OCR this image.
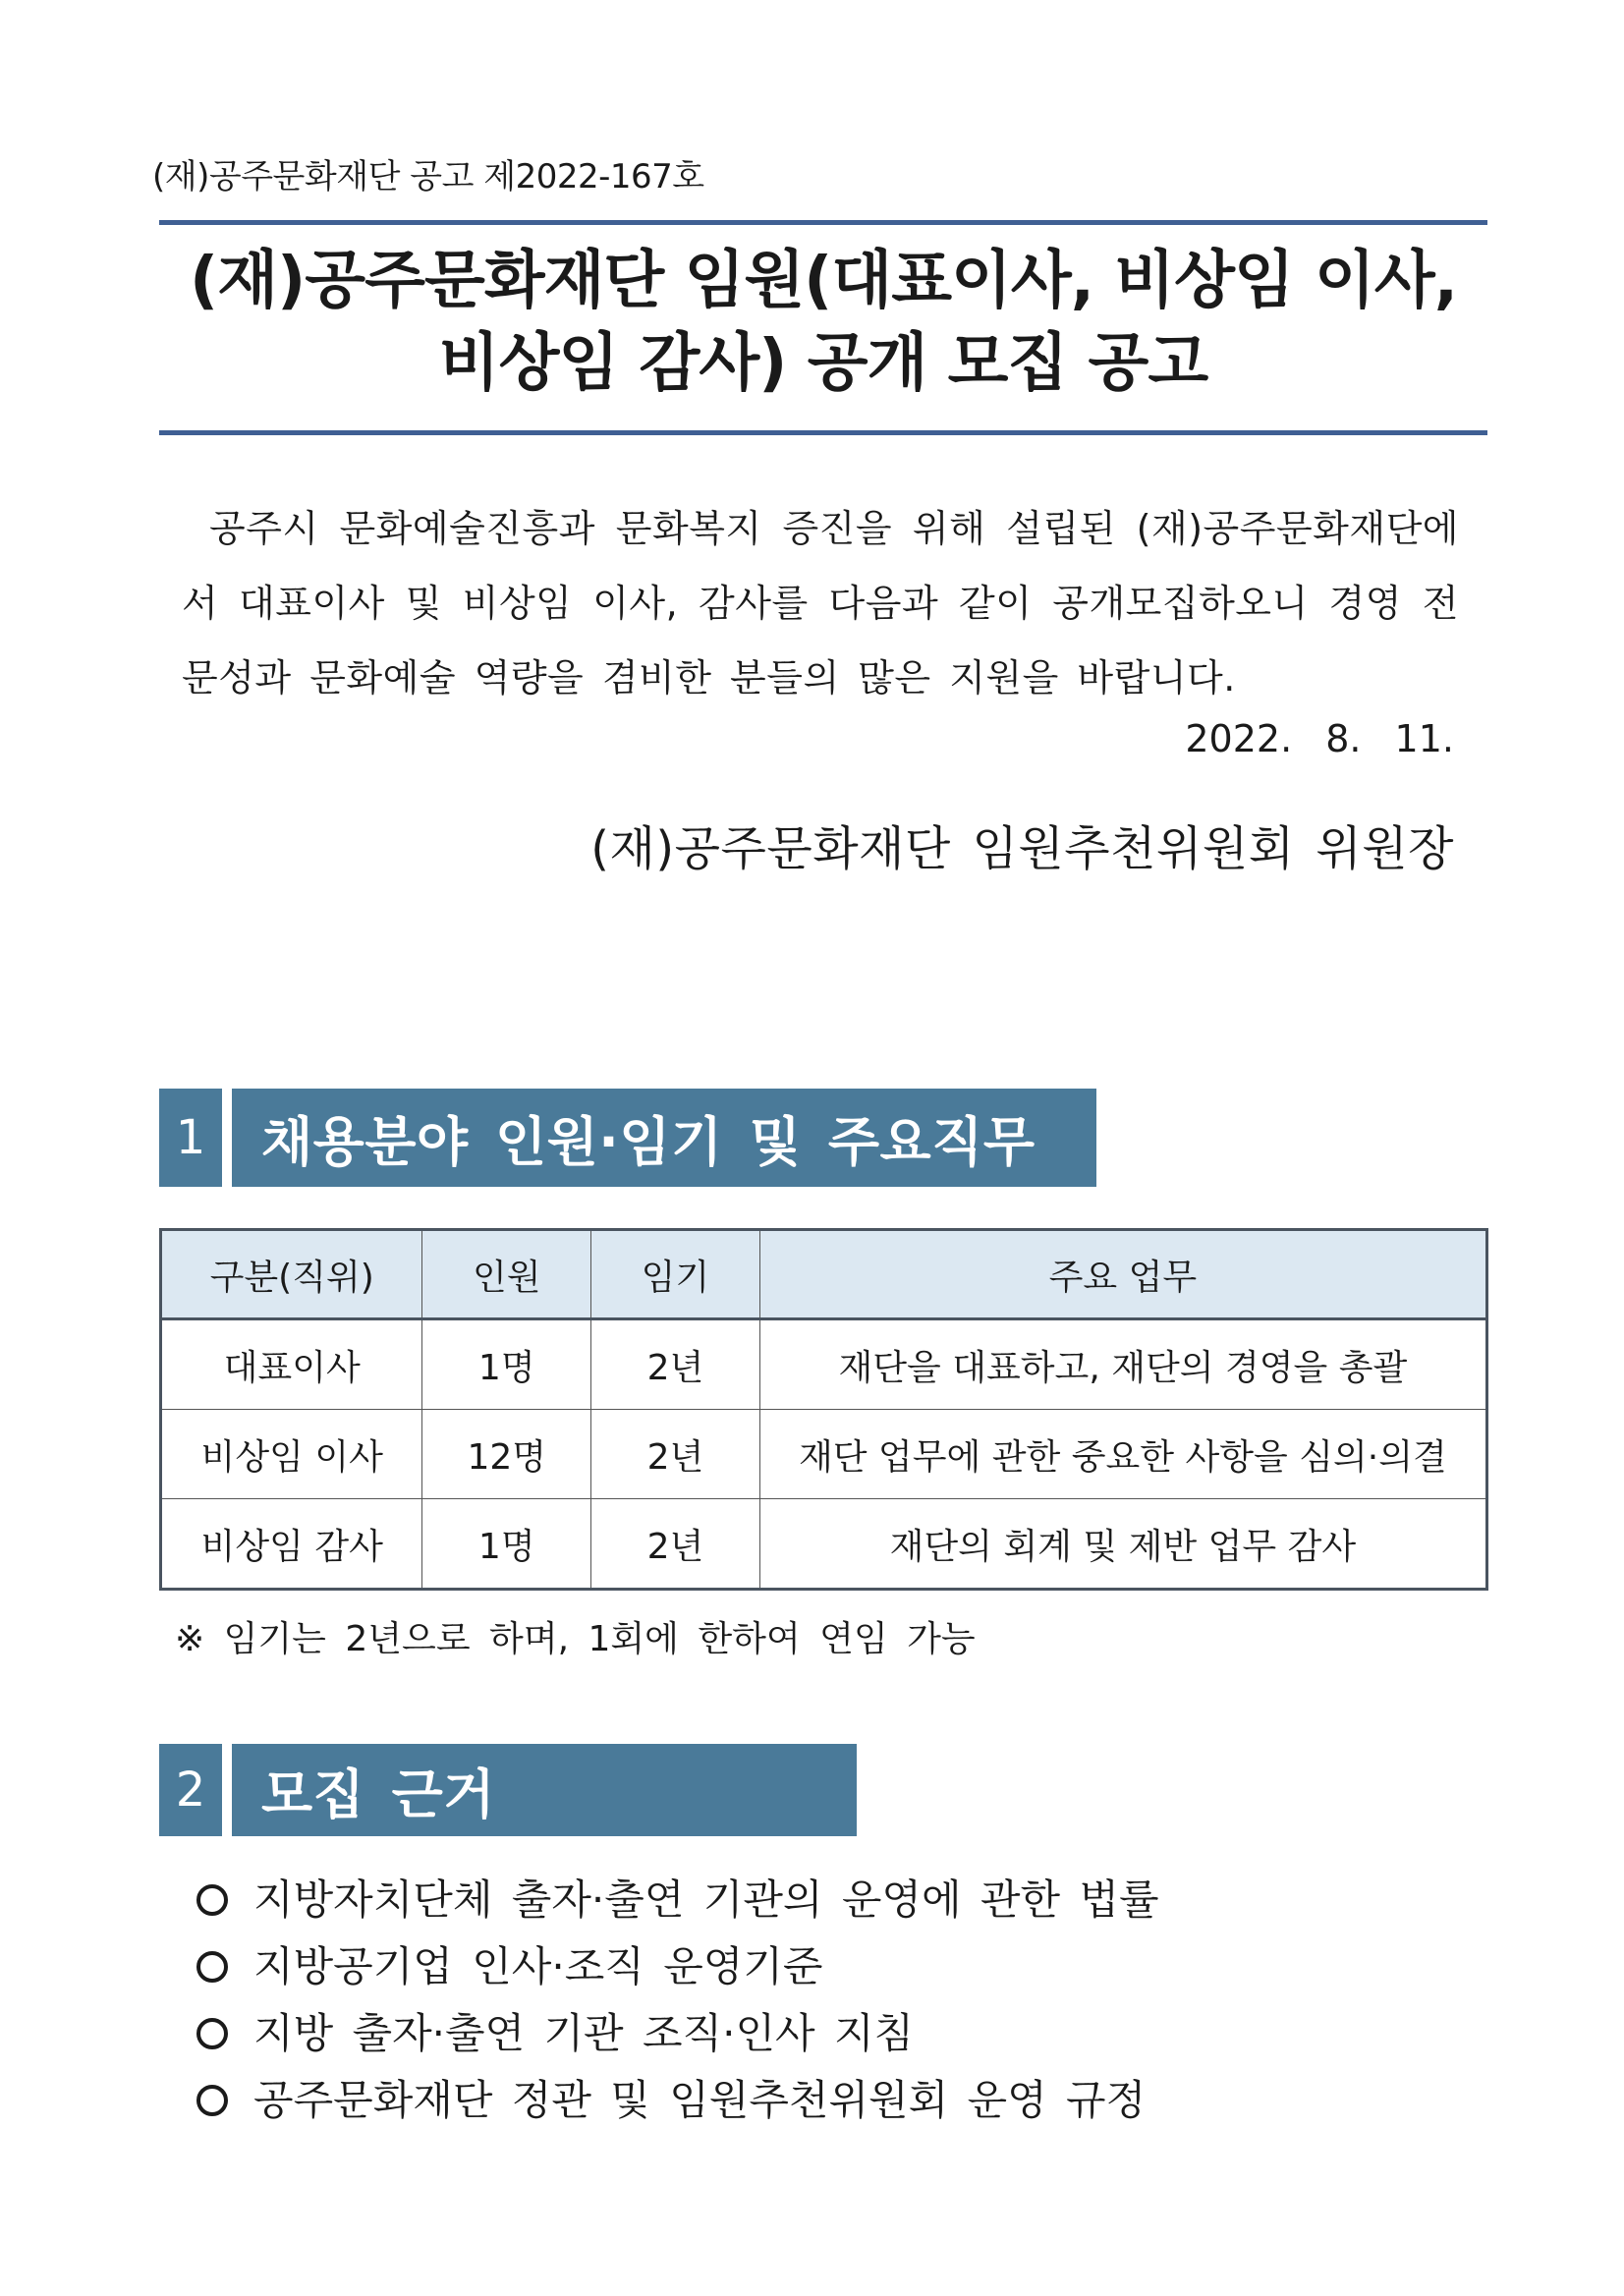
(재)공주문화재단 공고 제2022-167호
(재)공주문화재단 임원(대표이사, 비상임 이사,
비상임 감사) 공개 모집 공고

공주시 문화예술진흥과 문화복지 증진을 위해 설립된 (재)공주문화재단에서 대표이사 및 비상임 이사, 감사를 다음과 같이 공개모집하오니 경영 전문성과 문화예술 역량을 겸비한 분들의 많은 지원을 바랍니다.

2022. 8. 11.
(재)공주문화재단 임원추천위원회 위원장
1	채용분야 인원·임기 및 주요직무
구분(직위)	인원	임기	주요 업무
대표이사	1명	2년	재단을 대표하고, 재단의 경영을 총괄
비상임 이사	12명	2년	재단 업무에 관한 중요한 사항을 심의·의결
비상임 감사	1명	2년	재단의 회계 및 제반 업무 감사
※ 임기는 2년으로 하며, 1회에 한하여 연임 가능
2	모집 근거
지방자치단체 출자·출연 기관의 운영에 관한 법률
지방공기업 인사·조직 운영기준
지방 출자·출연 기관 조직·인사 지침
공주문화재단 정관 및 임원추천위원회 운영 규정
